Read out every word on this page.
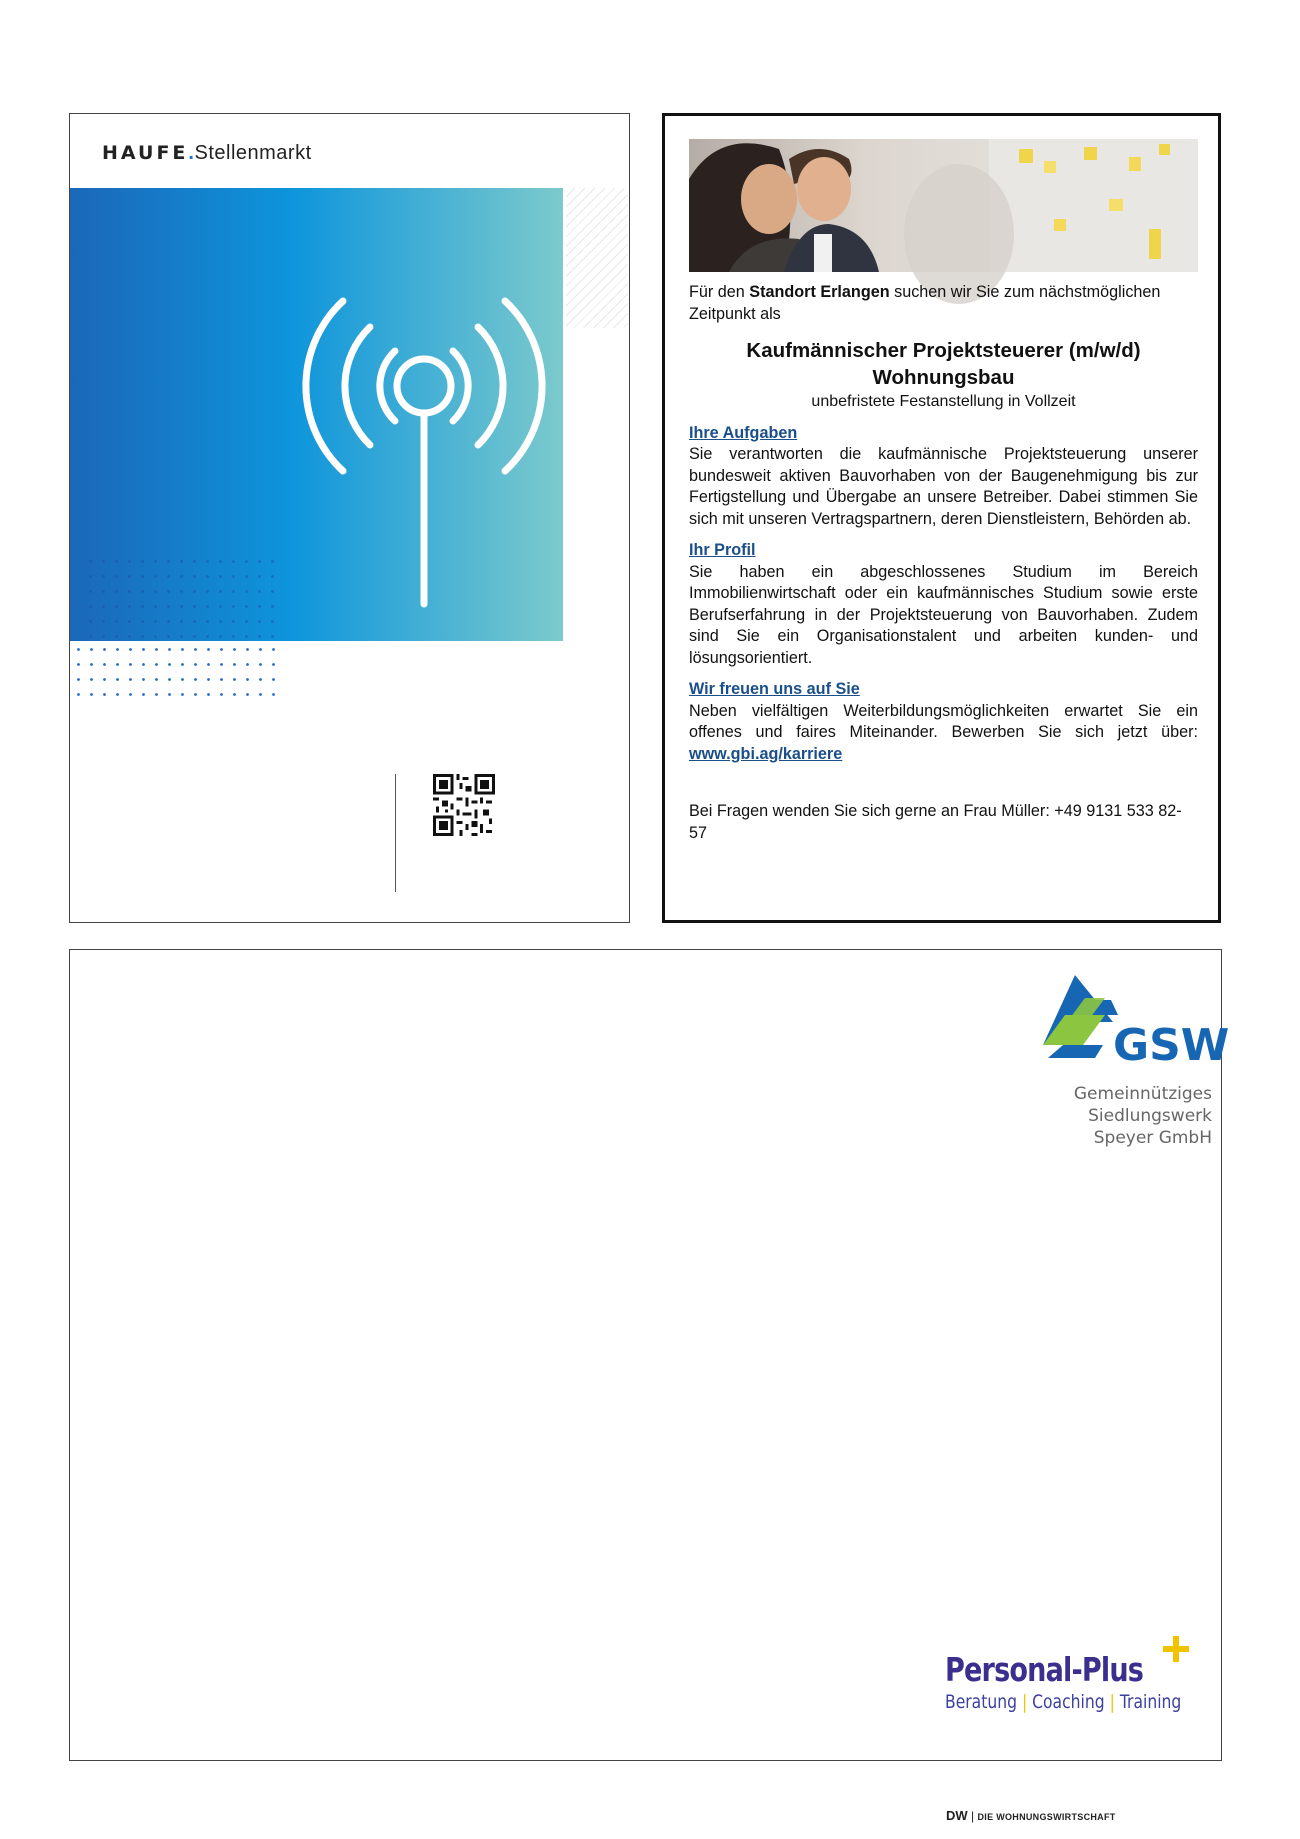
HAUFE.Stellenmarkt

Für den Standort Erlangen suchen wir Sie zum nächstmöglichen Zeitpunkt als

Kaufmännischer Projektsteuerer (m/w/d)
Wohnungsbau

unbefristete Festanstellung in Vollzeit

Ihre Aufgaben

Sie verantworten die kaufmännische Projektsteuerung unserer bundesweit aktiven Bauvorhaben von der Baugenehmigung bis zur Fertigstellung und Übergabe an unsere Betreiber. Dabei stimmen Sie sich mit unseren Vertragspartnern, deren Dienstleistern, Behörden ab.

Ihr Profil

Sie haben ein abgeschlossenes Studium im Bereich Immobilienwirtschaft oder ein kaufmännisches Studium sowie erste Berufserfahrung in der Projektsteuerung von Bauvorhaben. Zudem sind Sie ein Organisationstalent und arbeiten kunden- und lösungsorientiert.

Wir freuen uns auf Sie

Neben vielfältigen Weiterbildungsmöglichkeiten erwartet Sie ein offenes und faires Miteinander. Bewerben Sie sich jetzt über: www.gbi.ag/karriere

Bei Fragen wenden Sie sich gerne an Frau Müller: +49 9131 533 82-57

GSW
Gemeinnütziges
Siedlungswerk
Speyer GmbH
Personal-Plus
Beratung | Coaching | Training
DW | DIE WOHNUNGSWIRTSCHAFT
